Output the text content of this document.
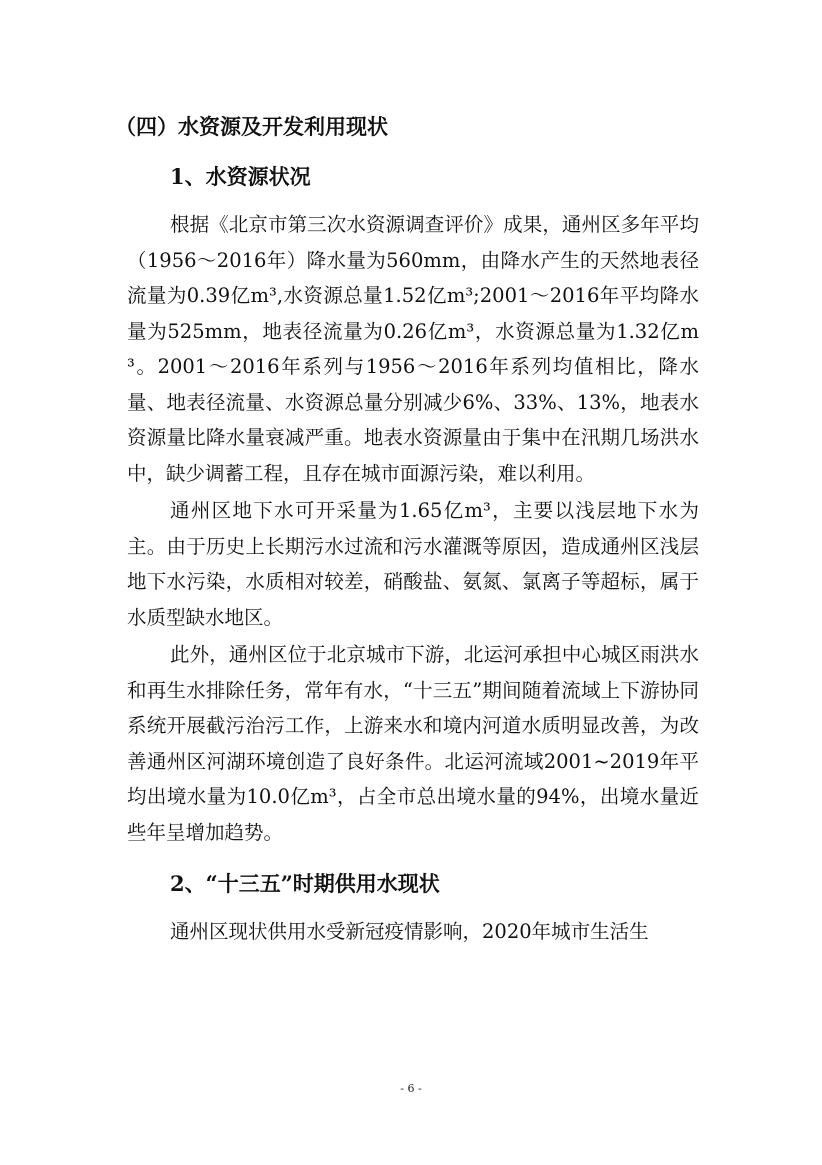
（四）水资源及开发利用现状
1、水资源状况

根据《北京市第三次水资源调查评价》成果，通州区多年平均（1956～2016年）降水量为560mm，由降水产生的天然地表径流量为0.39亿m³,水资源总量1.52亿m³;2001～2016年平均降水量为525mm，地表径流量为0.26亿m³，水资源总量为1.32亿m³。2001～2016年系列与1956～2016年系列均值相比，降水量、地表径流量、水资源总量分别减少6%、33%、13%，地表水资源量比降水量衰减严重。地表水资源量由于集中在汛期几场洪水中，缺少调蓄工程，且存在城市面源污染，难以利用。

通州区地下水可开采量为1.65亿m³，主要以浅层地下水为主。由于历史上长期污水过流和污水灌溉等原因，造成通州区浅层地下水污染，水质相对较差，硝酸盐、氨氮、氯离子等超标，属于水质型缺水地区。

此外，通州区位于北京城市下游，北运河承担中心城区雨洪水和再生水排除任务，常年有水，“十三五”期间随着流域上下游协同系统开展截污治污工作，上游来水和境内河道水质明显改善，为改善通州区河湖环境创造了良好条件。北运河流域2001~2019年平均出境水量为10.0亿m³，占全市总出境水量的94%，出境水量近些年呈增加趋势。

2、“十三五”时期供用水现状

通州区现状供用水受新冠疫情影响，2020年城市生活生

- 6 -
